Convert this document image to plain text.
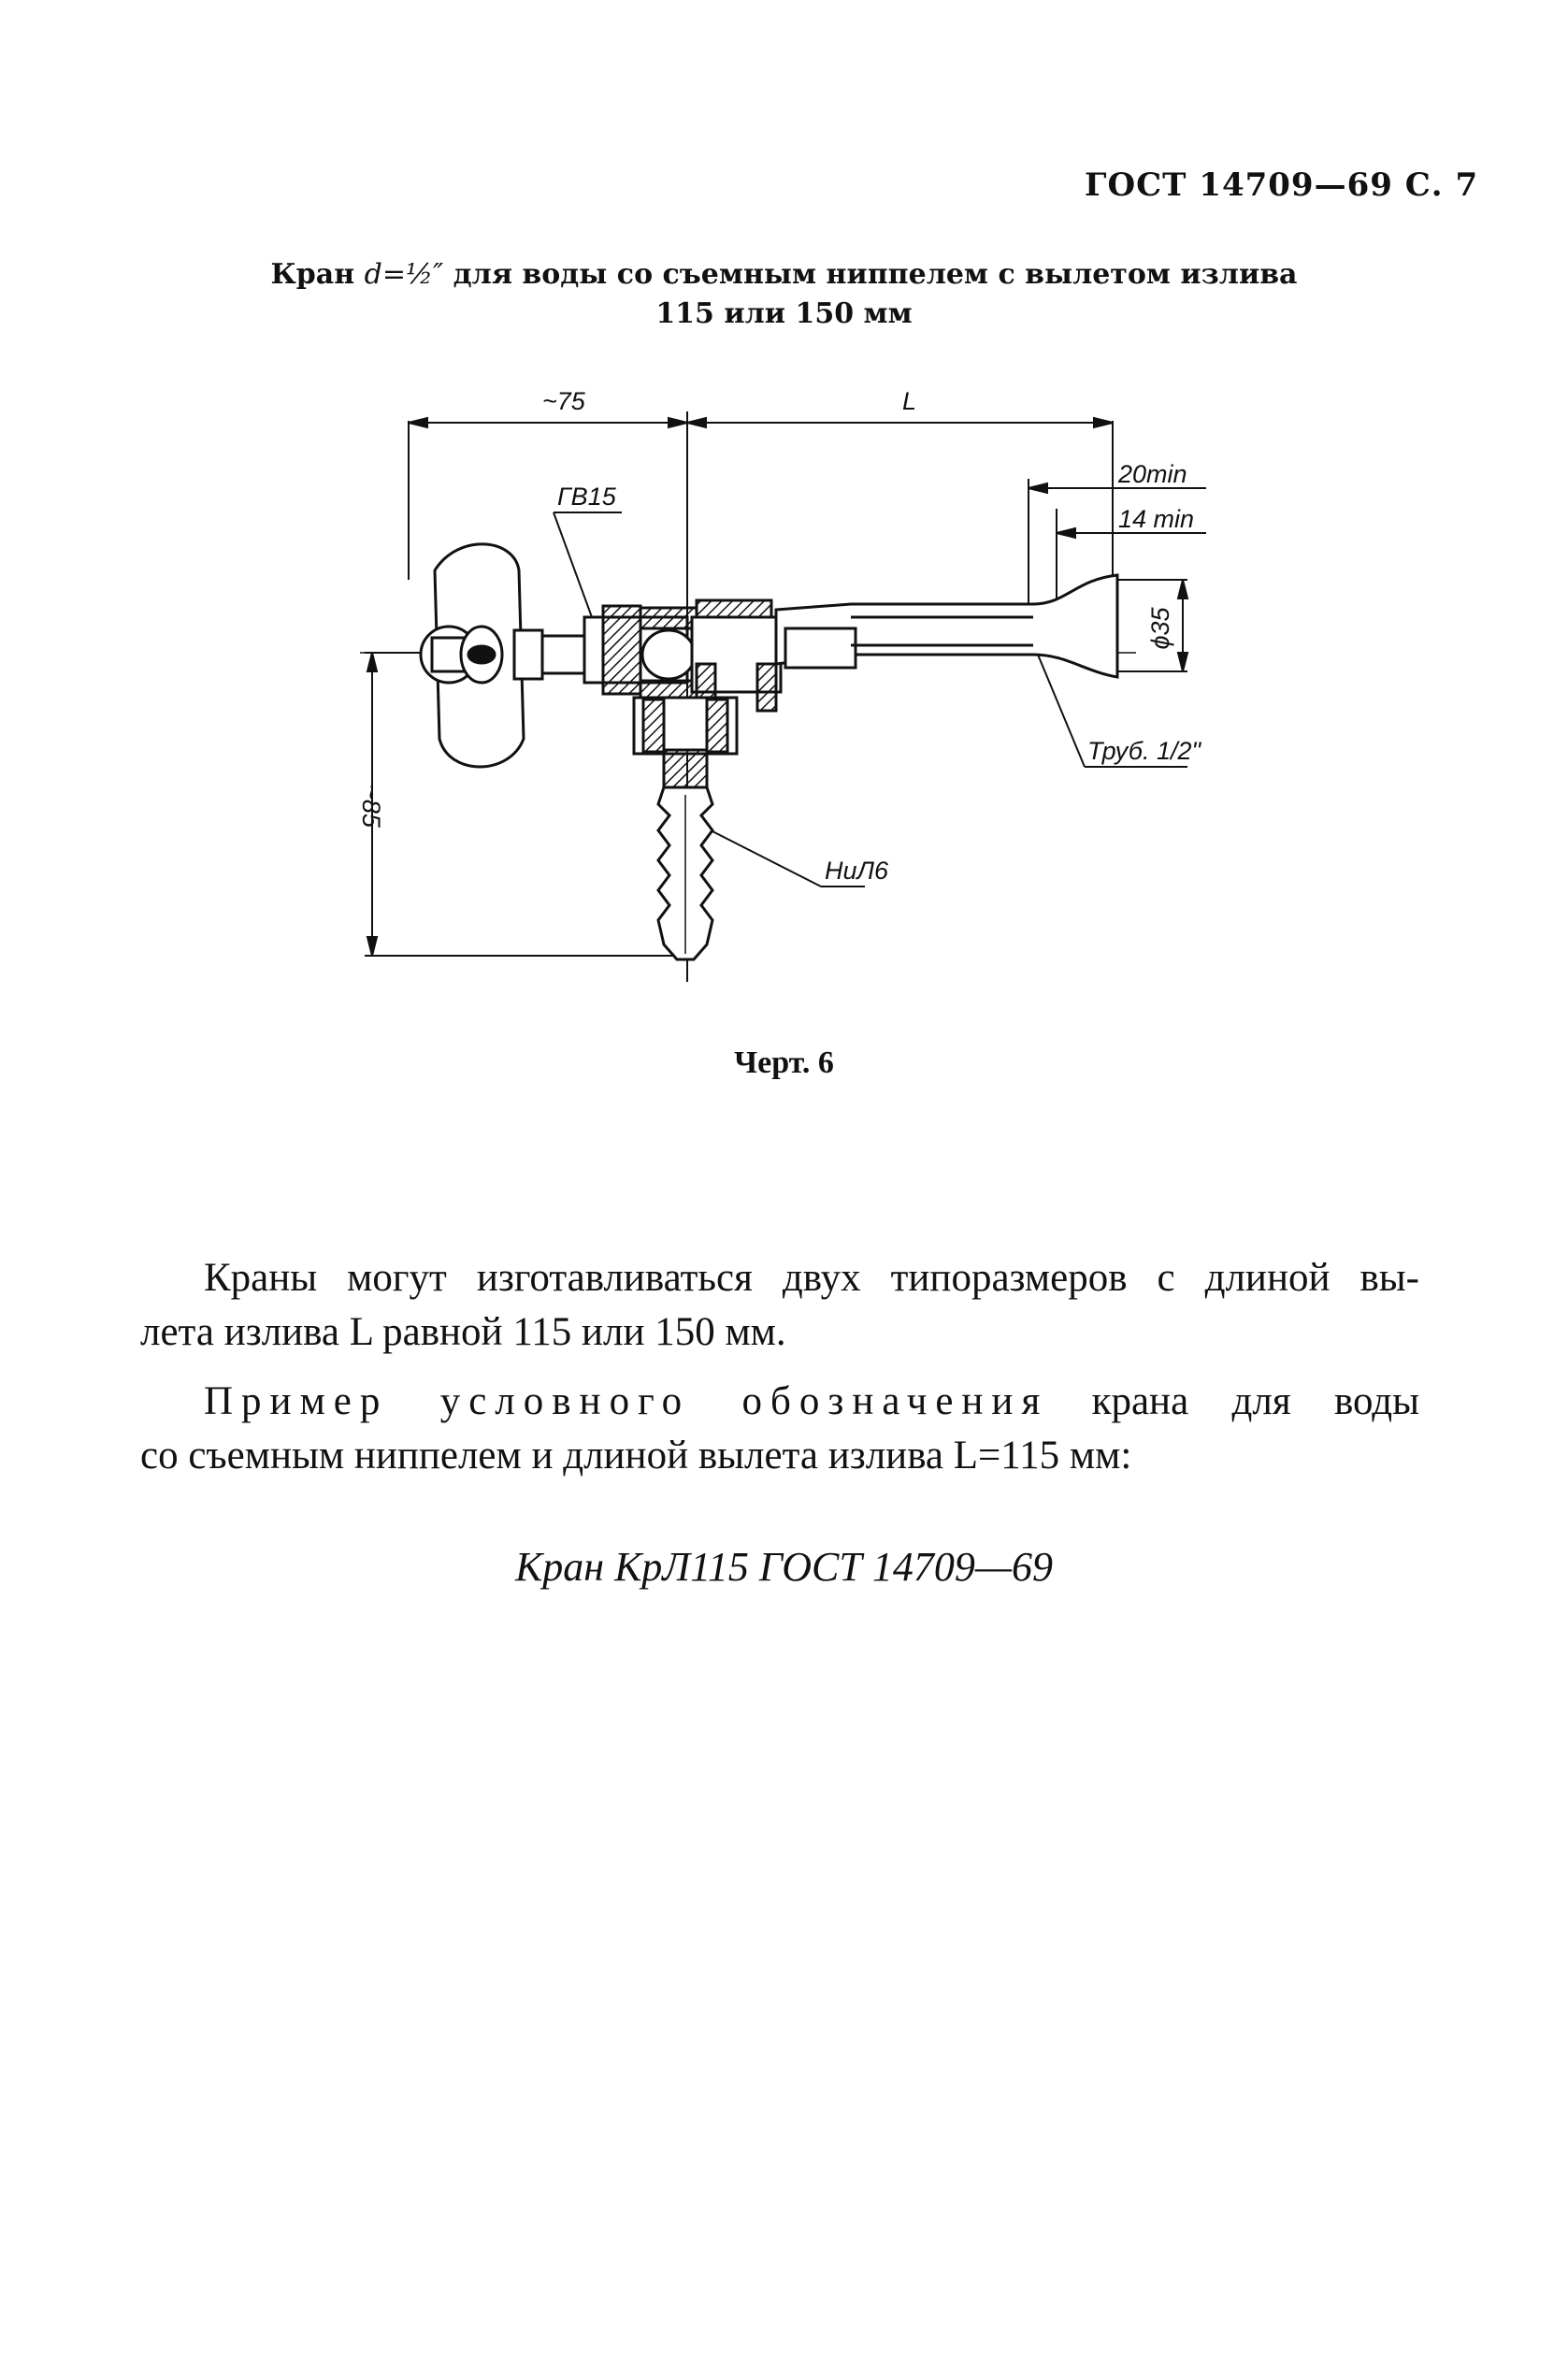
ГОСТ 14709—69 С. 7
Кран d=½″ для воды со съемным ниппелем с вылетом излива
115 или 150 мм
~75	L
20min
14 min
ϕ35
~85
ГВ15
НиЛ6
Труб. 1/2"
Черт. 6
Краны могут изготавливаться двух типоразмеров с длиной вы-
лета излива L равной 115 или 150 мм.
Пример условного обозначения крана для воды
со съемным ниппелем и длиной вылета излива L=115 мм:
Кран КрЛ115 ГОСТ 14709—69
